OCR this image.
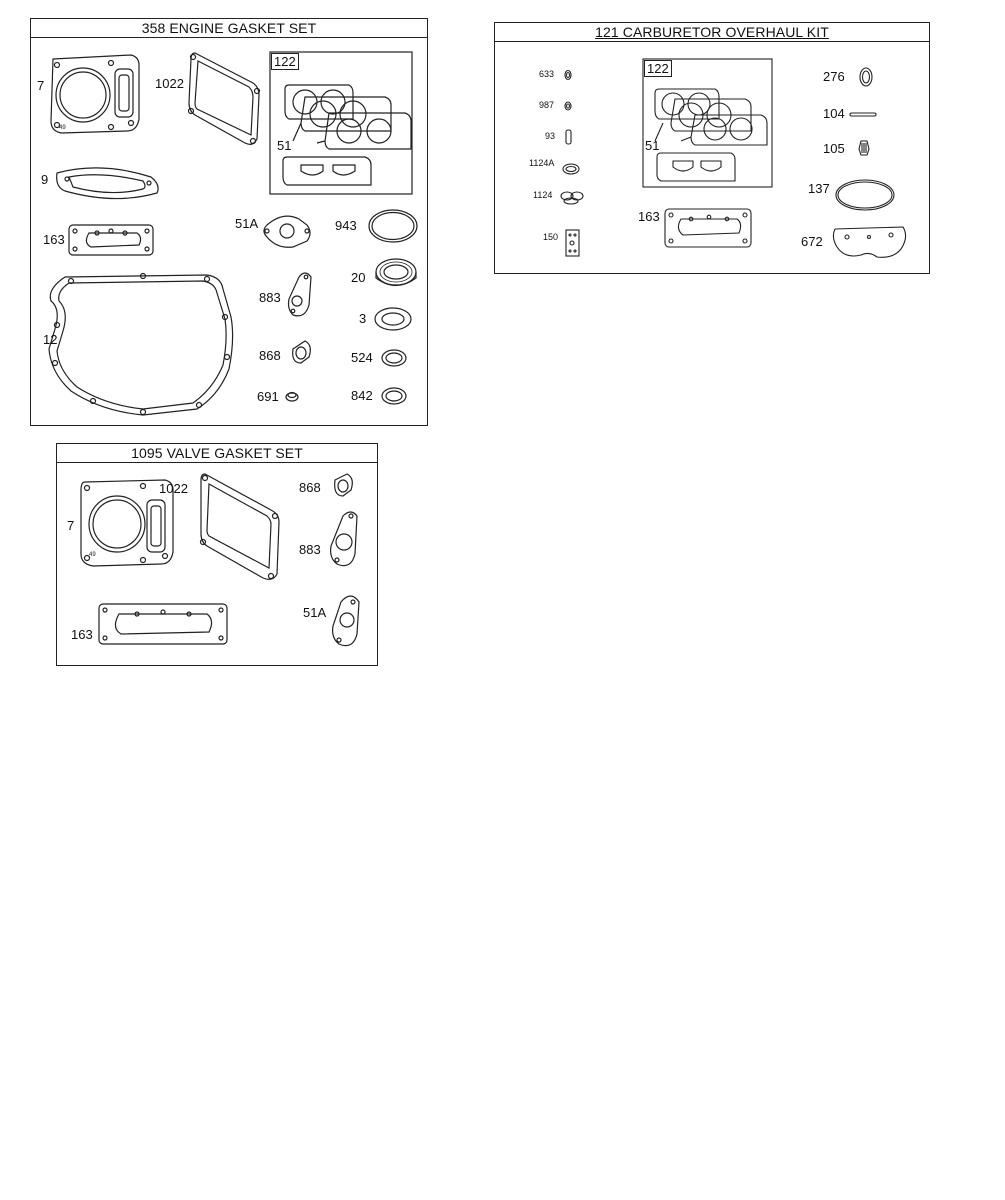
358 ENGINE GASKET SET
49
7	1022
122
51
9
163
51A	943
20
883
12
3
868	524
691	842
121 CARBURETOR OVERHAUL KIT
633
987
93
1124A
1124
150
122
51
163
276
104
105
137
672
1095 VALVE GASKET SET
49
7
1022	868
883
163
51A
